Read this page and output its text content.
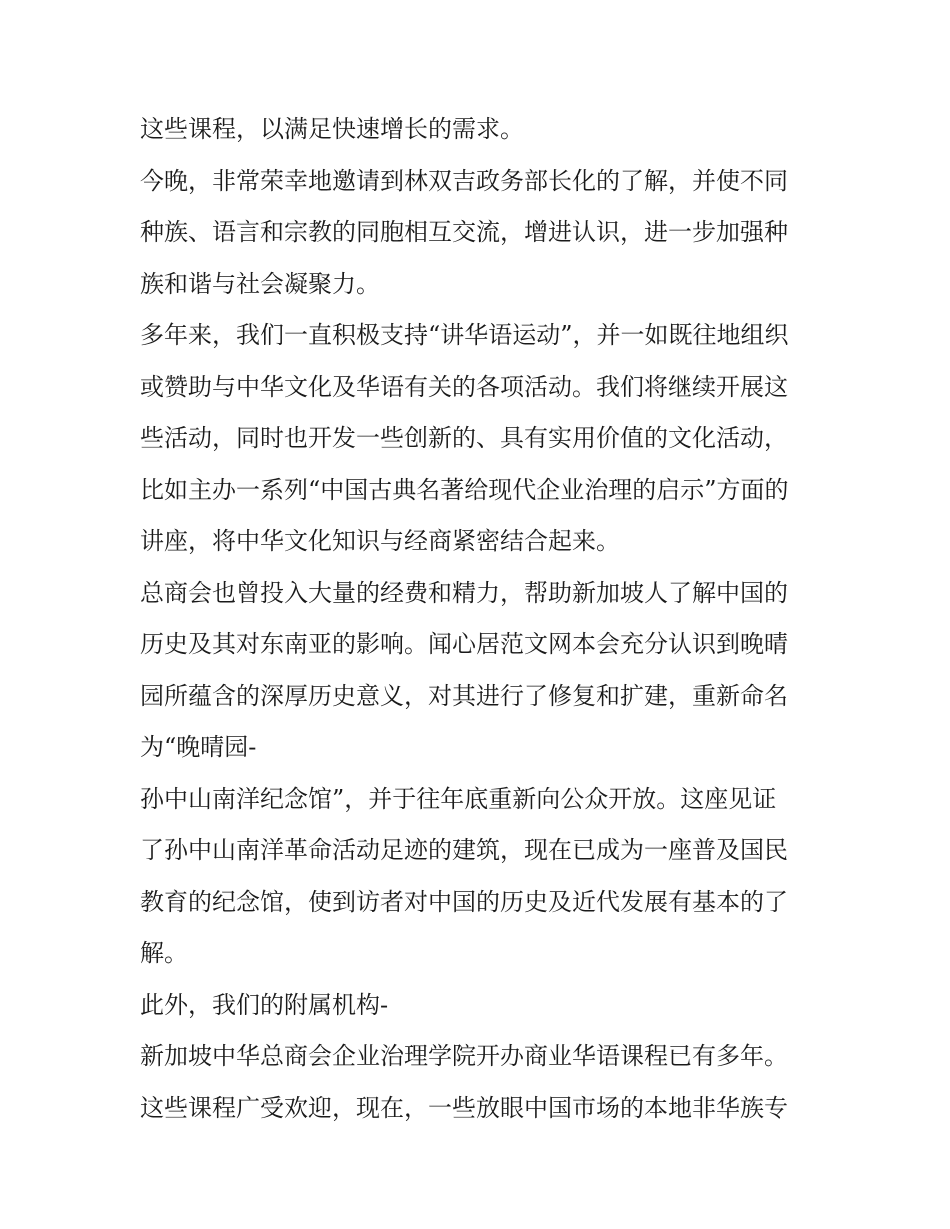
这些课程，以满足快速增长的需求。
今晚，非常荣幸地邀请到林双吉政务部长化的了解，并使不同
种族、语言和宗教的同胞相互交流，增进认识，进一步加强种
族和谐与社会凝聚力。
多年来，我们一直积极支持“讲华语运动”，并一如既往地组织
或赞助与中华文化及华语有关的各项活动。我们将继续开展这
些活动，同时也开发一些创新的、具有实用价值的文化活动，
比如主办一系列“中国古典名著给现代企业治理的启示”方面的
讲座，将中华文化知识与经商紧密结合起来。
总商会也曾投入大量的经费和精力，帮助新加坡人了解中国的
历史及其对东南亚的影响。闻心居范文网本会充分认识到晚晴
园所蕴含的深厚历史意义，对其进行了修复和扩建，重新命名
为“晚晴园-
孙中山南洋纪念馆”，并于往年底重新向公众开放。这座见证
了孙中山南洋革命活动足迹的建筑，现在已成为一座普及国民
教育的纪念馆，使到访者对中国的历史及近代发展有基本的了
解。
此外，我们的附属机构-
新加坡中华总商会企业治理学院开办商业华语课程已有多年。
这些课程广受欢迎，现在，一些放眼中国市场的本地非华族专
